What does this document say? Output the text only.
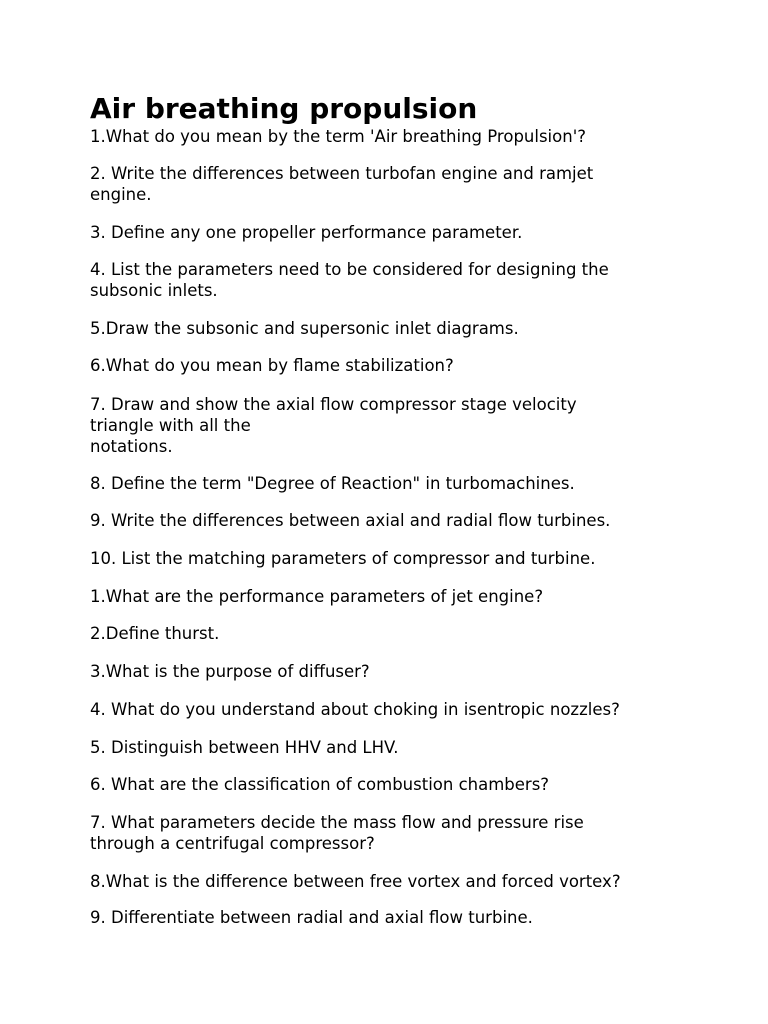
Air breathing propulsion

1.What do you mean by the term 'Air breathing Propulsion'?

2. Write the differences between turbofan engine and ramjet
engine.

3. Define any one propeller performance parameter.

4. List the parameters need to be considered for designing the
subsonic inlets.

5.Draw the subsonic and supersonic inlet diagrams.

6.What do you mean by flame stabilization?

7. Draw and show the axial flow compressor stage velocity
triangle with all the
notations.

8. Define the term "Degree of Reaction" in turbomachines.

9. Write the differences between axial and radial flow turbines.

10. List the matching parameters of compressor and turbine.

1.What are the performance parameters of jet engine?

2.Define thurst.

3.What is the purpose of diffuser?

4. What do you understand about choking in isentropic nozzles?

5. Distinguish between HHV and LHV.

6. What are the classification of combustion chambers?

7. What parameters decide the mass flow and pressure rise
through a centrifugal compressor?

8.What is the difference between free vortex and forced vortex?

9. Differentiate between radial and axial flow turbine.
